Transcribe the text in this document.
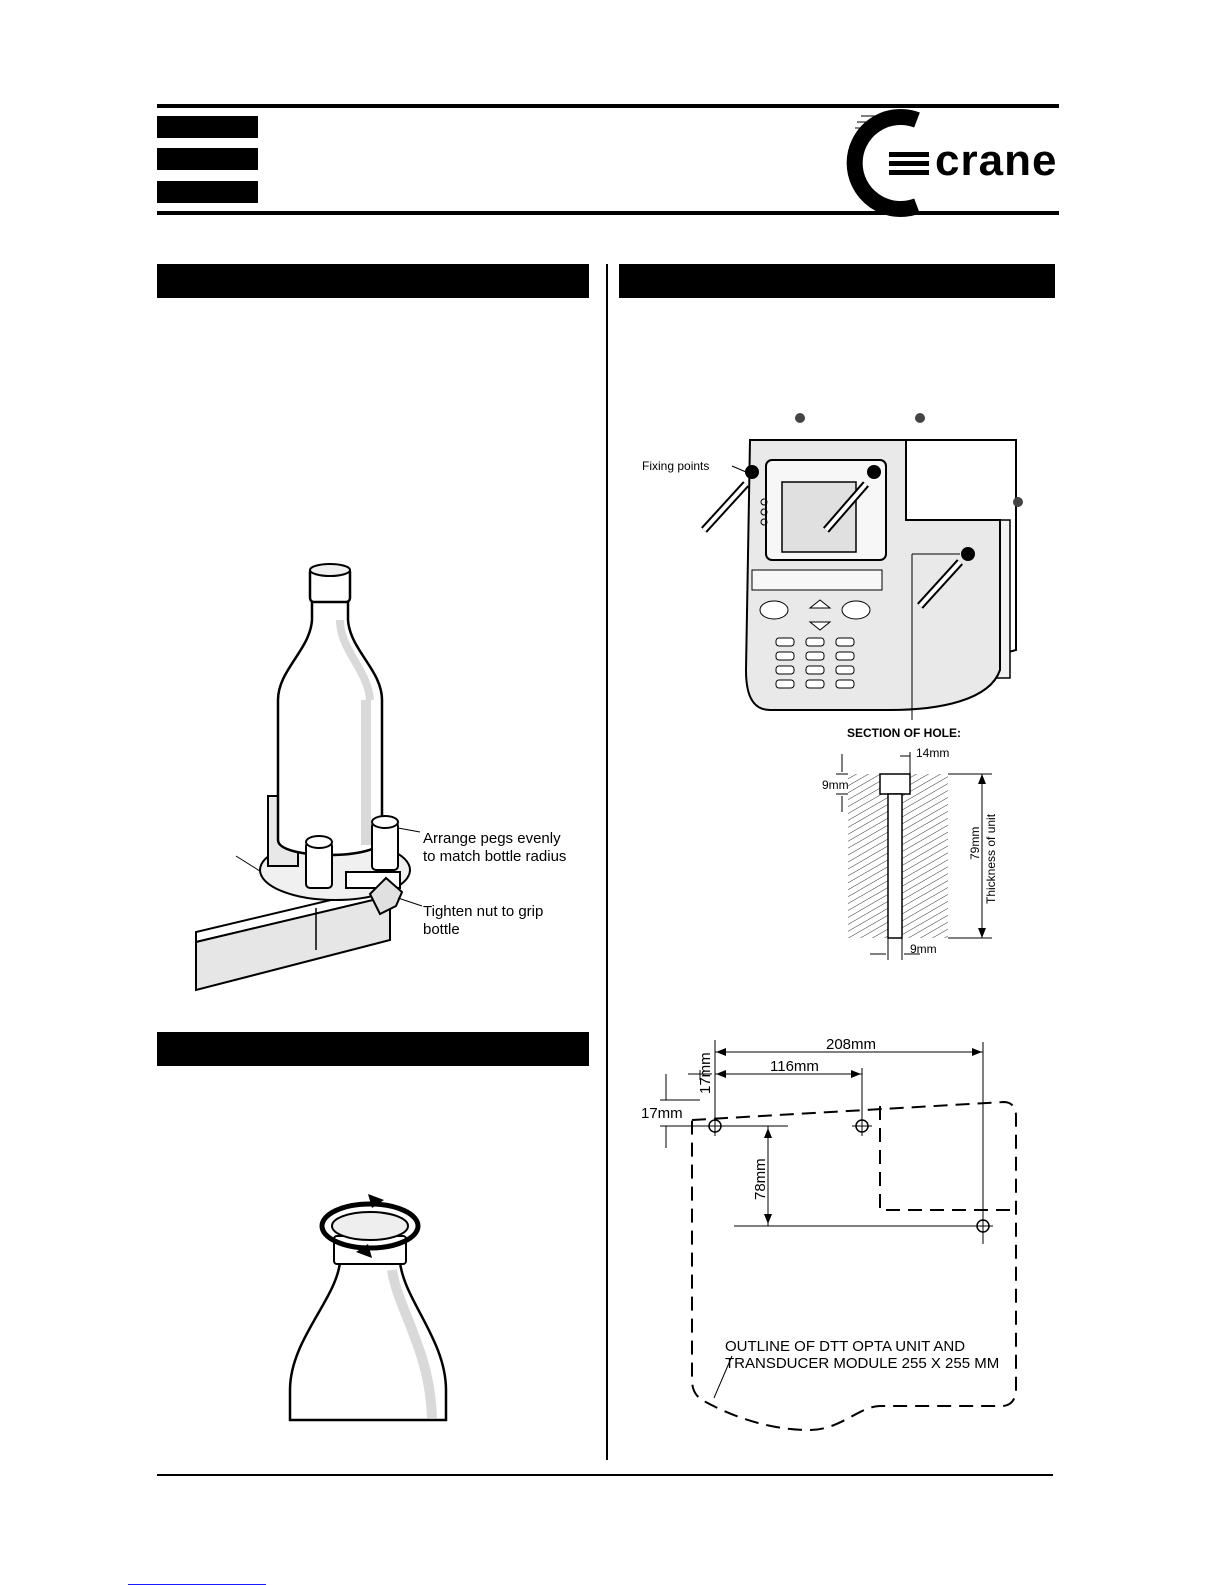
crane
Arrange pegs evenly
to match bottle radius
Tighten nut to grip
bottle
Fixing points
SECTION OF HOLE:
14mm
9mm
9mm
79mm Thickness of unit
208mm
116mm
17mm
17mm
78mm
OUTLINE OF DTT OPTA UNIT AND
TRANSDUCER MODULE 255 X 255 MM
